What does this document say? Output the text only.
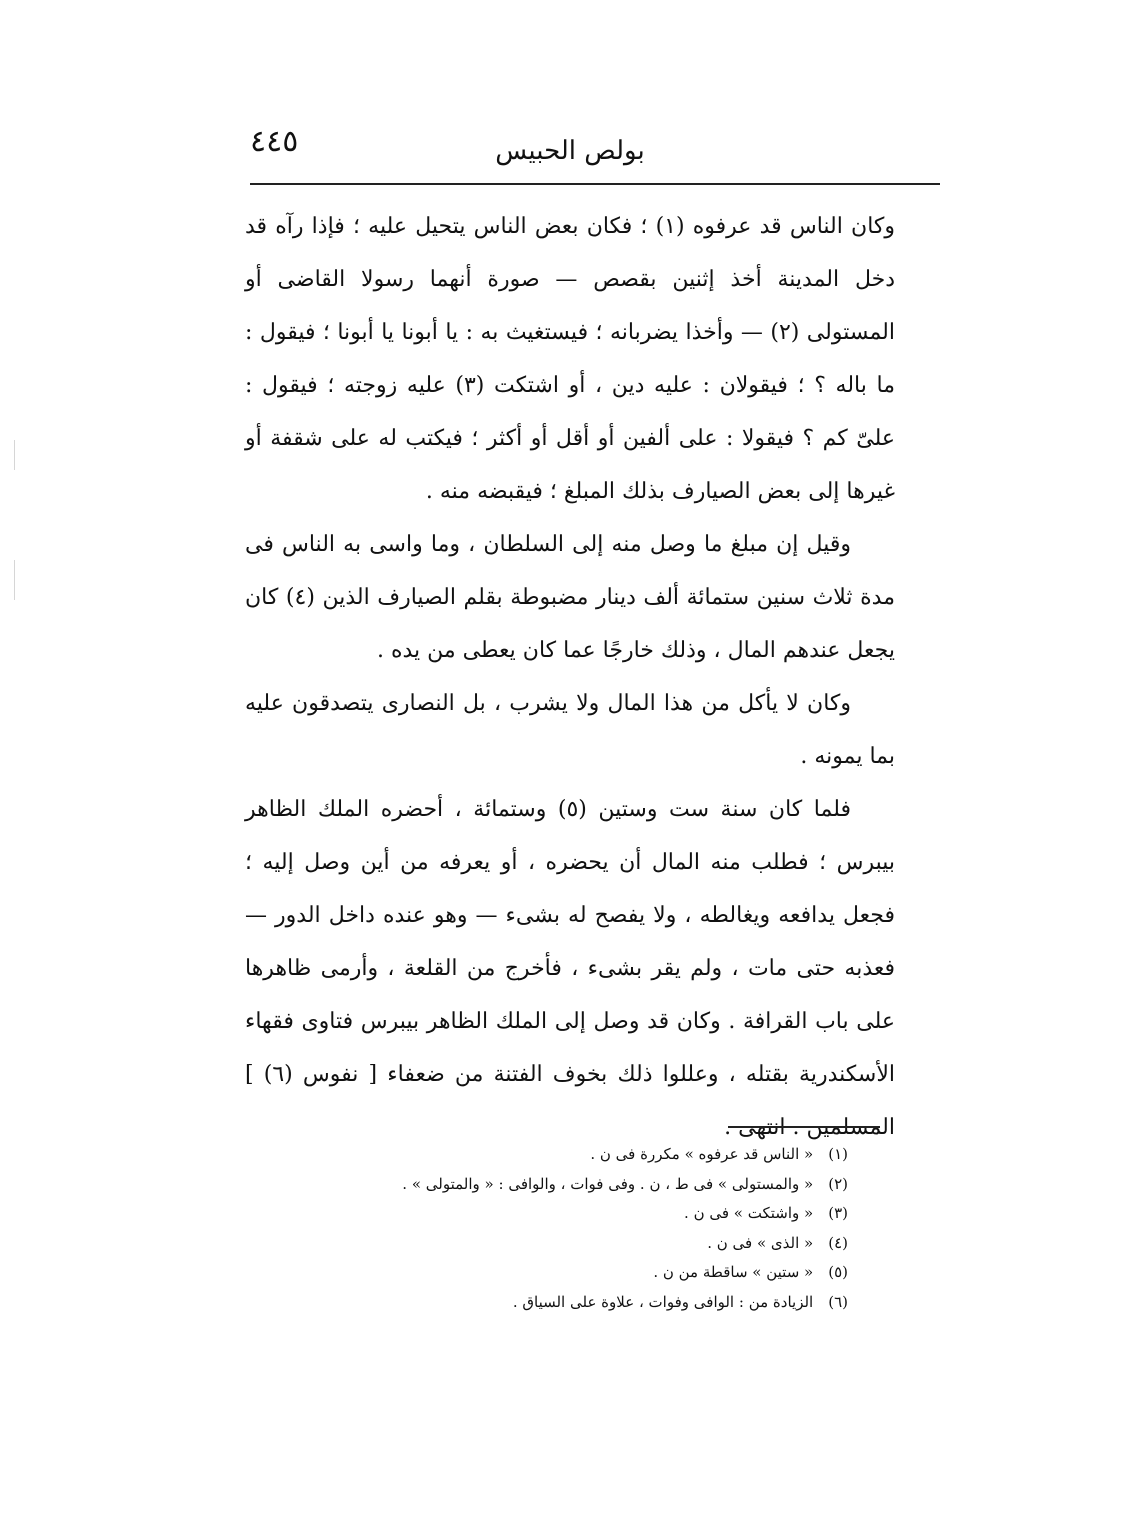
٤٤٥	بولص الحبيس

وكان الناس قد عرفوه (١) ؛ فكان بعض الناس يتحيل عليه ؛ فإذا رآه قد دخل المدينة أخذ إثنين بقصص — صورة أنهما رسولا القاضى أو المستولى (٢) — وأخذا يضربانه ؛ فيستغيث به : يا أبونا يا أبونا ؛ فيقول : ما باله ؟ ؛ فيقولان : عليه دين ، أو اشتكت (٣) عليه زوجته ؛ فيقول : علىّ كم ؟ فيقولا : على ألفين أو أقل أو أكثر ؛ فيكتب له على شقفة أو غيرها إلى بعض الصيارف بذلك المبلغ ؛ فيقبضه منه .

وقيل إن مبلغ ما وصل منه إلى السلطان ، وما واسى به الناس فى مدة ثلاث سنين ستمائة ألف دينار مضبوطة بقلم الصيارف الذين (٤) كان يجعل عندهم المال ، وذلك خارجًا عما كان يعطى من يده .

وكان لا يأكل من هذا المال ولا يشرب ، بل النصارى يتصدقون عليه بما يمونه .

فلما كان سنة ست وستين (٥) وستمائة ، أحضره الملك الظاهر بيبرس ؛ فطلب منه المال أن يحضره ، أو يعرفه من أين وصل إليه ؛ فجعل يدافعه ويغالطه ، ولا يفصح له بشىء — وهو عنده داخل الدور — فعذبه حتى مات ، ولم يقر بشىء ، فأخرج من القلعة ، وأرمى ظاهرها على باب القرافة . وكان قد وصل إلى الملك الظاهر بيبرس فتاوى فقهاء الأسكندرية بقتله ، وعللوا ذلك بخوف الفتنة من ضعفاء [ نفوس (٦) ] المسلمين . انتهى .

(١) « الناس قد عرفوه » مكررة فى ن .
(٢) « والمستولى » فى ط ، ن . وفى فوات ، والوافى : « والمتولى » .
(٣) « واشتكت » فى ن .
(٤) « الذى » فى ن .
(٥) « ستين » ساقطة من ن .
(٦) الزيادة من : الوافى وفوات ، علاوة على السياق .
